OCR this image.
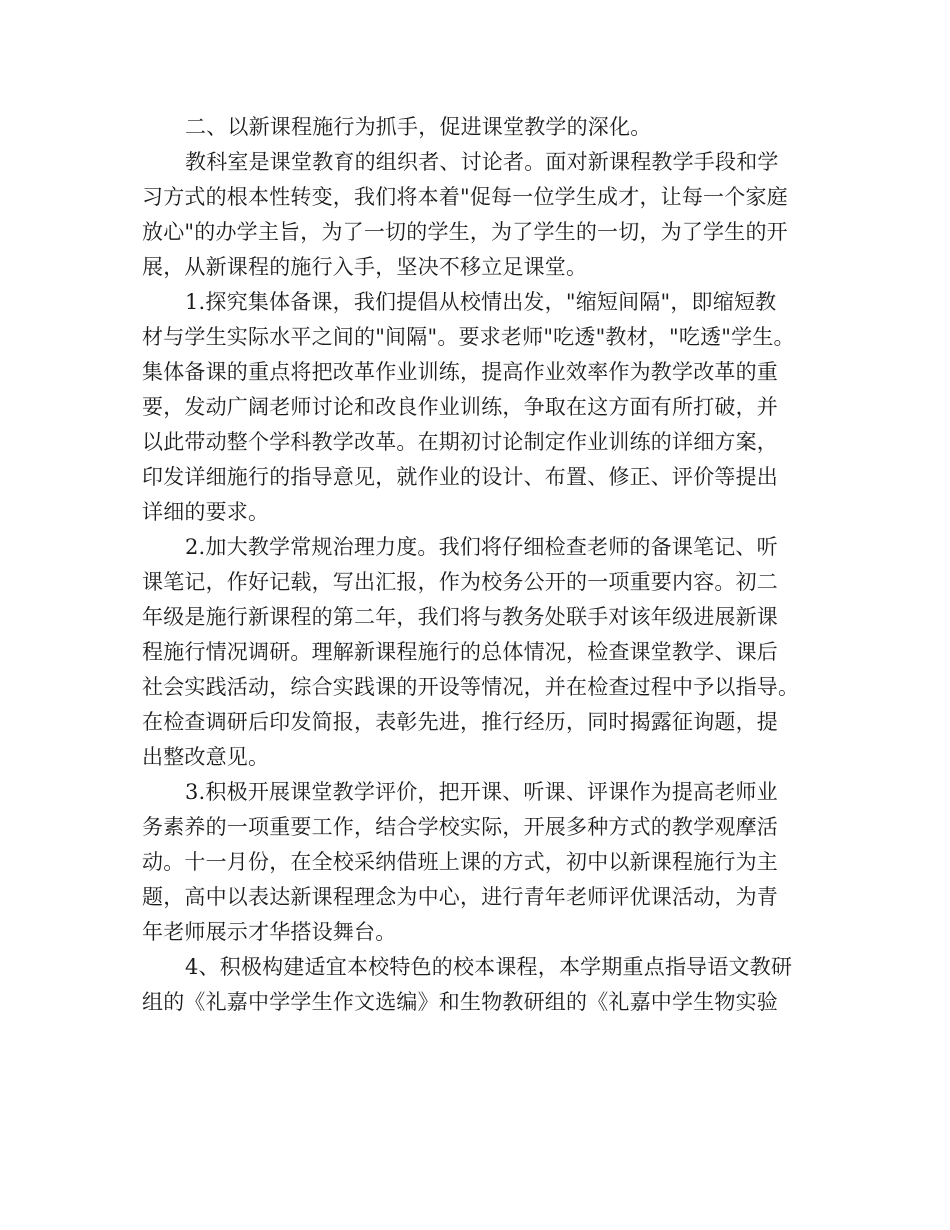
二、以新课程施行为抓手，促进课堂教学的深化。
教科室是课堂教育的组织者、讨论者。面对新课程教学手段和学
习方式的根本性转变，我们将本着"促每一位学生成才，让每一个家庭
放心"的办学主旨，为了一切的学生，为了学生的一切，为了学生的开
展，从新课程的施行入手，坚决不移立足课堂。
1.探究集体备课，我们提倡从校情出发，"缩短间隔"，即缩短教
材与学生实际水平之间的"间隔"。要求老师"吃透"教材，"吃透"学生。
集体备课的重点将把改革作业训练，提高作业效率作为教学改革的重
要，发动广阔老师讨论和改良作业训练，争取在这方面有所打破，并
以此带动整个学科教学改革。在期初讨论制定作业训练的详细方案，
印发详细施行的指导意见，就作业的设计、布置、修正、评价等提出
详细的要求。
2.加大教学常规治理力度。我们将仔细检查老师的备课笔记、听
课笔记，作好记载，写出汇报，作为校务公开的一项重要内容。初二
年级是施行新课程的第二年，我们将与教务处联手对该年级进展新课
程施行情况调研。理解新课程施行的总体情况，检查课堂教学、课后
社会实践活动，综合实践课的开设等情况，并在检查过程中予以指导。
在检查调研后印发简报，表彰先进，推行经历，同时揭露征询题，提
出整改意见。
3.积极开展课堂教学评价，把开课、听课、评课作为提高老师业
务素养的一项重要工作，结合学校实际，开展多种方式的教学观摩活
动。十一月份，在全校采纳借班上课的方式，初中以新课程施行为主
题，高中以表达新课程理念为中心，进行青年老师评优课活动，为青
年老师展示才华搭设舞台。
4、积极构建适宜本校特色的校本课程，本学期重点指导语文教研
组的《礼嘉中学学生作文选编》和生物教研组的《礼嘉中学生物实验
